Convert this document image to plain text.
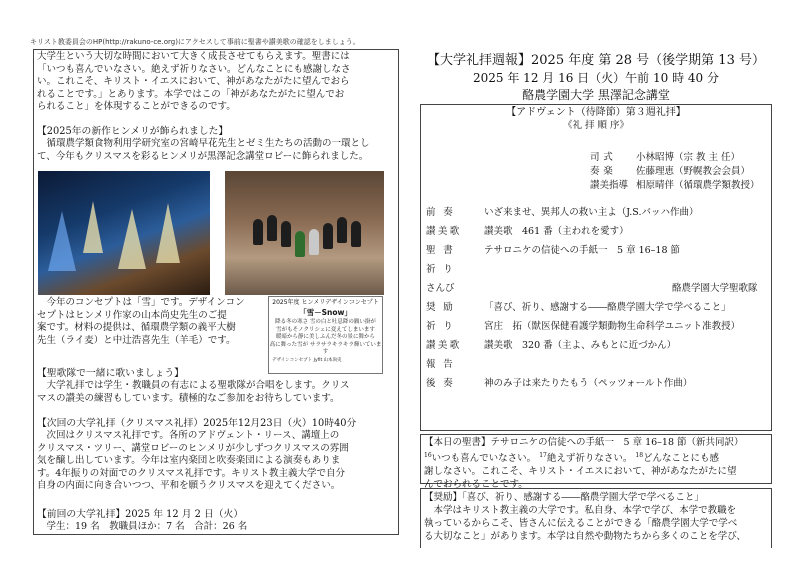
キリスト教委員会のHP(http://rakuno-ce.org)にアクセスして事前に聖書や讃美歌の確認をしましょう。

大学生という大切な時間において大きく成長させてもらえます。聖書には

「いつも喜んでいなさい。絶えず祈りなさい。どんなことにも感謝しなさ

い。これこそ、キリスト・イエスにおいて、神があなたがたに望んでおら

れることです。」とあります。本学ではこの「神があなたがたに望んでお

られること」を体現することができるのです。

【2025年の新作ヒンメリが飾られました】

循環農学類食物利用学研究室の宮崎早花先生とゼミ生たちの活動の一環とし

て、今年もクリスマスを彩るヒンメリが黒澤記念講堂ロビーに飾られました。

今年のコンセプトは「雪」です。デザインコン

セプトはヒンメリ作家の山本尚史先生のご提

案です。材料の提供は、循環農学類の義平大樹

先生（ライ麦）と中辻浩喜先生（羊毛）です。

2025年度 ヒンメリデザインコンセプト
「雪－Snow」
降る冬の寒さ 雪の白と吐息降の願い掛が
雪がもそノクリシェに変えてしまいます
暖暗から静に美しふんだ冬の景に舞から
高に舞った雪が サラサラキラキラ輝いています
デザインコンセプト Jyfit 山本尚史
【聖歌隊で一緒に歌いましょう】

大学礼拝では学生・教職員の有志による聖歌隊が合唱をします。クリス

マスの讃美の練習もしています。積極的なご参加をお待ちしています。

【次回の大学礼拝（クリスマス礼拝）2025年12月23日（火）10時40分

次回はクリスマス礼拝です。各所のアドヴェント・リース、講壇上の

クリスマス・ツリー、講堂ロビーのヒンメリが少しずつクリスマスの雰囲

気を醸し出しています。今年は室内楽団と吹奏楽団による演奏もありま

す。4年振りの対面でのクリスマス礼拝です。キリスト教主義大学で自分

自身の内面に向き合いつつ、平和を願うクリスマスを迎えてください。

【前回の大学礼拝】2025 年 12 月 2 日（火）

学生：19 名　教職員ほか：7 名　合計：26 名

【大学礼拝週報】2025 年度 第 28 号（後学期第 13 号）
2025 年 12 月 16 日（火）午前 10 時 40 分
酪農学園大学 黒澤記念講堂
【アドヴェント（待降節）第３週礼拝】
《礼 拝 順 序》
司式 小林昭博（宗 教 主 任）
奏楽 佐藤理恵（野幌教会会員）
讃美指導 相原晴伴（循環農学類教授）
前 奏	いざ来ませ、異邦人の救い主よ（J.S.バッハ作曲）
讃美歌 讃美歌　461 番（主われを愛す）
聖 書	テサロニケの信徒への手紙一　5 章 16–18 節
祈 り
さんび	酪農学園大学聖歌隊
奨 励	「喜び、祈り、感謝する――酪農学園大学で学べること」
祈 り	宮庄　拓（獣医保健看護学類動物生命科学ユニット准教授）
讃美歌 讃美歌　320 番（主よ、みもとに近づかん）
報 告
後 奏	神のみ子は来たりたもう（ペッツォールト作曲）
【本日の聖書】テサロニケの信徒への手紙一　5 章 16–18 節（新共同訳）
$^{16}$いつも喜んでいなさい。 $^{17}$絶えず祈りなさい。 $^{18}$どんなことにも感
謝しなさい。これこそ、キリスト・イエスにおいて、神があなたがたに望
んでおられることです。
【奨励】「喜び、祈り、感謝する――酪農学園大学で学べること」
本学はキリスト教主義の大学です。私自身、本学で学び、本学で教職を
執っているからこそ、皆さんに伝えることができる「酪農学園大学で学べ
る大切なこと」があります。本学は自然や動物たちから多くのことを学び、
